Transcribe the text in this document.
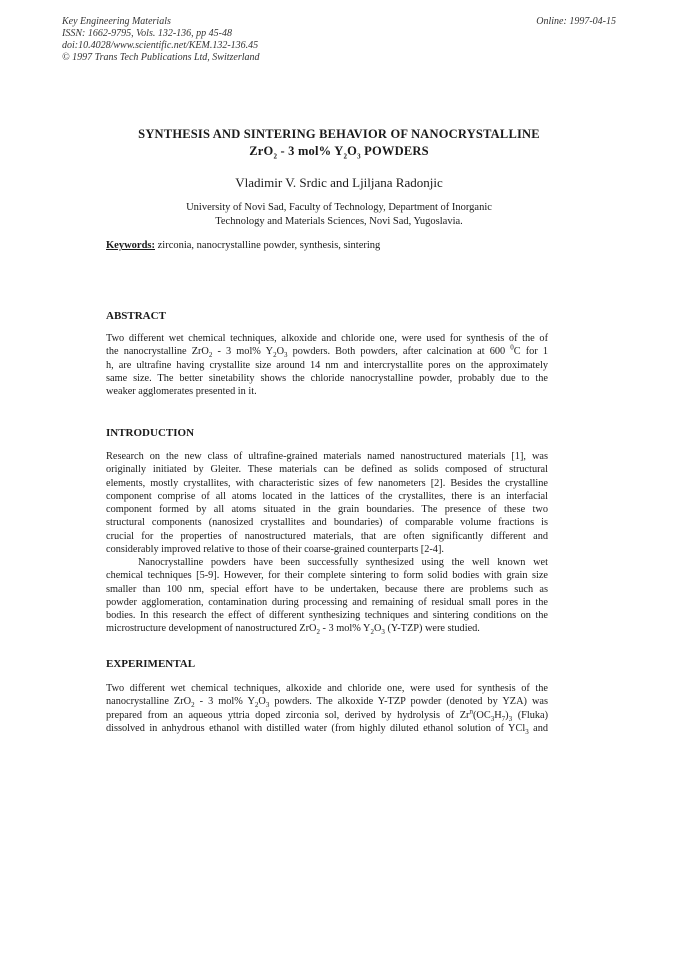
Key Engineering Materials
ISSN: 1662-9795, Vols. 132-136, pp 45-48
doi:10.4028/www.scientific.net/KEM.132-136.45
© 1997 Trans Tech Publications Ltd, Switzerland
Online: 1997-04-15
SYNTHESIS AND SINTERING BEHAVIOR OF NANOCRYSTALLINE
ZrO$_2$ - 3 mol% $Y_2O_3$ POWDERS
Vladimir V. Srdic and Ljiljana Radonjic
University of Novi Sad, Faculty of Technology, Department of Inorganic
Technology and Materials Sciences, Novi Sad, Yugoslavia.
Keywords: zirconia, nanocrystalline powder, synthesis, sintering
ABSTRACT
Two different wet chemical techniques, alkoxide and chloride one, were used for synthesis of the of
the nanocrystalline ZrO$_2$ - 3 mol% $Y_2O_3$ powders. Both powders, after calcination at 600 $^0$C for 1
h, are ultrafine having crystallite size around 14 nm and intercrystallite pores on the approximately
same size. The better sinetability shows the chloride nanocrystalline powder, probably due to the
weaker agglomerates presented in it.
INTRODUCTION
Research on the new class of ultrafine-grained materials named nanostructured materials [1], was
originally initiated by Gleiter. These materials can be defined as solids composed of structural
elements, mostly crystallites, with characteristic sizes of few nanometers [2]. Besides the crystalline
component comprise of all atoms located in the lattices of the crystallites, there is an interfacial
component formed by all atoms situated in the grain boundaries. The presence of these two
structural components (nanosized crystallites and boundaries) of comparable volume fractions is
crucial for the properties of nanostructured materials, that are often significantly different and
considerably improved relative to those of their coarse-grained counterparts [2-4].
Nanocrystalline powders have been successfully synthesized using the well known wet
chemical techniques [5-9]. However, for their complete sintering to form solid bodies with grain size
smaller than 100 nm, special effort have to be undertaken, because there are problems such as
powder agglomeration, contamination during processing and remaining of residual small pores in the
bodies. In this research the effect of different synthesizing techniques and sintering conditions on the
microstructure development of nanostructured ZrO$_2$ - 3 mol% $Y_2O_3$ (Y-TZP) were studied.
EXPERIMENTAL
Two different wet chemical techniques, alkoxide and chloride one, were used for synthesis of the
nanocrystalline ZrO$_2$ - 3 mol% $Y_2O_3$ powders. The alkoxide Y-TZP powder (denoted by YZA) was
prepared from an aqueous yttria doped zirconia sol, derived by hydrolysis of $Zr^n(OC_3H_7)_3$ (Fluka)
dissolved in anhydrous ethanol with distilled water (from highly diluted ethanol solution of YCl$_3$ and
